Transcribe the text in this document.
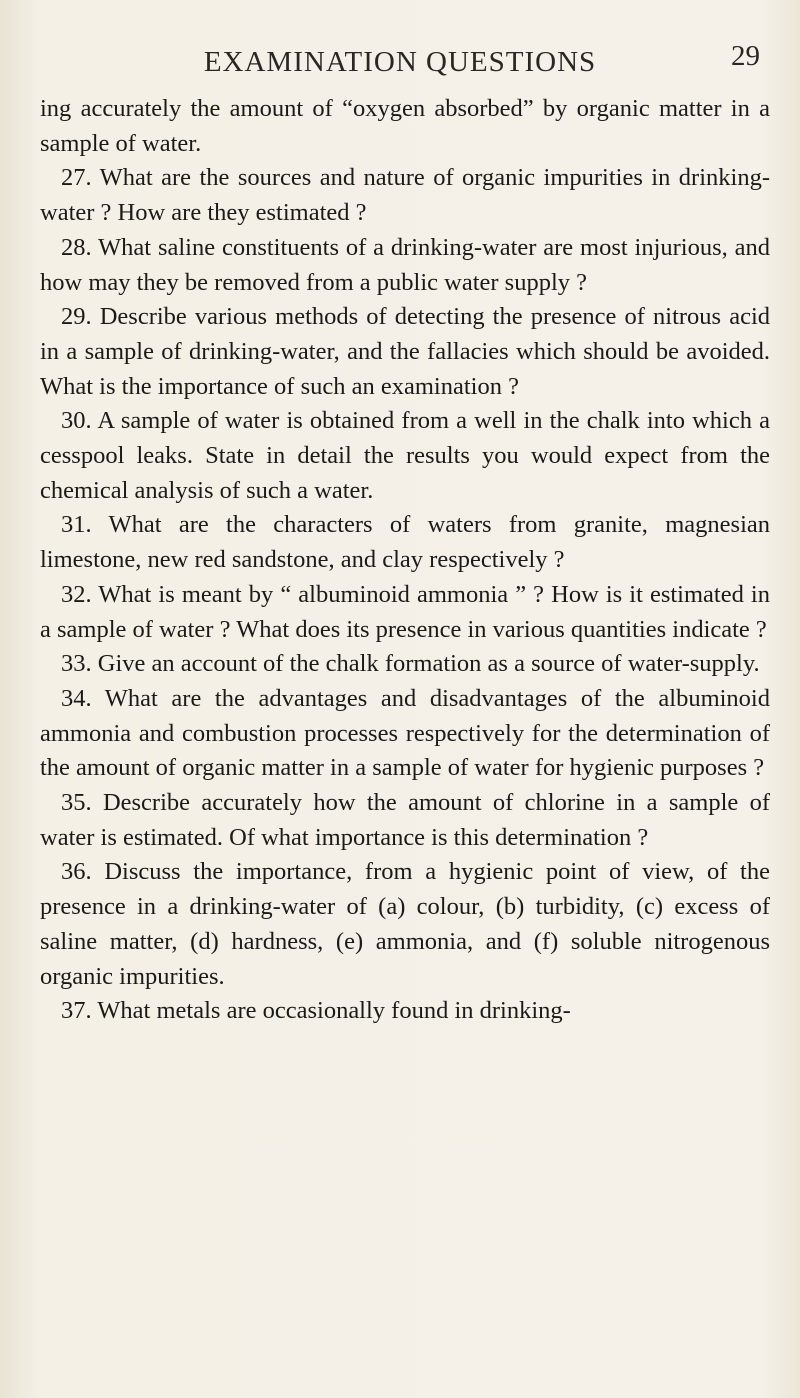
EXAMINATION QUESTIONS	29

ing accurately the amount of “oxygen absorbed” by organic matter in a sample of water.

27. What are the sources and nature of organic impurities in drinking-water ? How are they estimated ?

28. What saline constituents of a drinking-water are most injurious, and how may they be removed from a public water supply ?

29. Describe various methods of detecting the presence of nitrous acid in a sample of drinking-water, and the fallacies which should be avoided. What is the importance of such an examination ?

30. A sample of water is obtained from a well in the chalk into which a cesspool leaks. State in detail the results you would expect from the chemical analysis of such a water.

31. What are the characters of waters from granite, magnesian limestone, new red sandstone, and clay respectively ?

32. What is meant by “ albuminoid ammonia ” ? How is it estimated in a sample of water ? What does its presence in various quantities indicate ?

33. Give an account of the chalk formation as a source of water-supply.

34. What are the advantages and disadvantages of the albuminoid ammonia and combustion processes respectively for the determination of the amount of organic matter in a sample of water for hygienic purposes ?

35. Describe accurately how the amount of chlorine in a sample of water is estimated. Of what importance is this determination ?

36. Discuss the importance, from a hygienic point of view, of the presence in a drinking-water of (a) colour, (b) turbidity, (c) excess of saline matter, (d) hardness, (e) ammonia, and (f) soluble nitrogenous organic impurities.

37. What metals are occasionally found in drinking-
